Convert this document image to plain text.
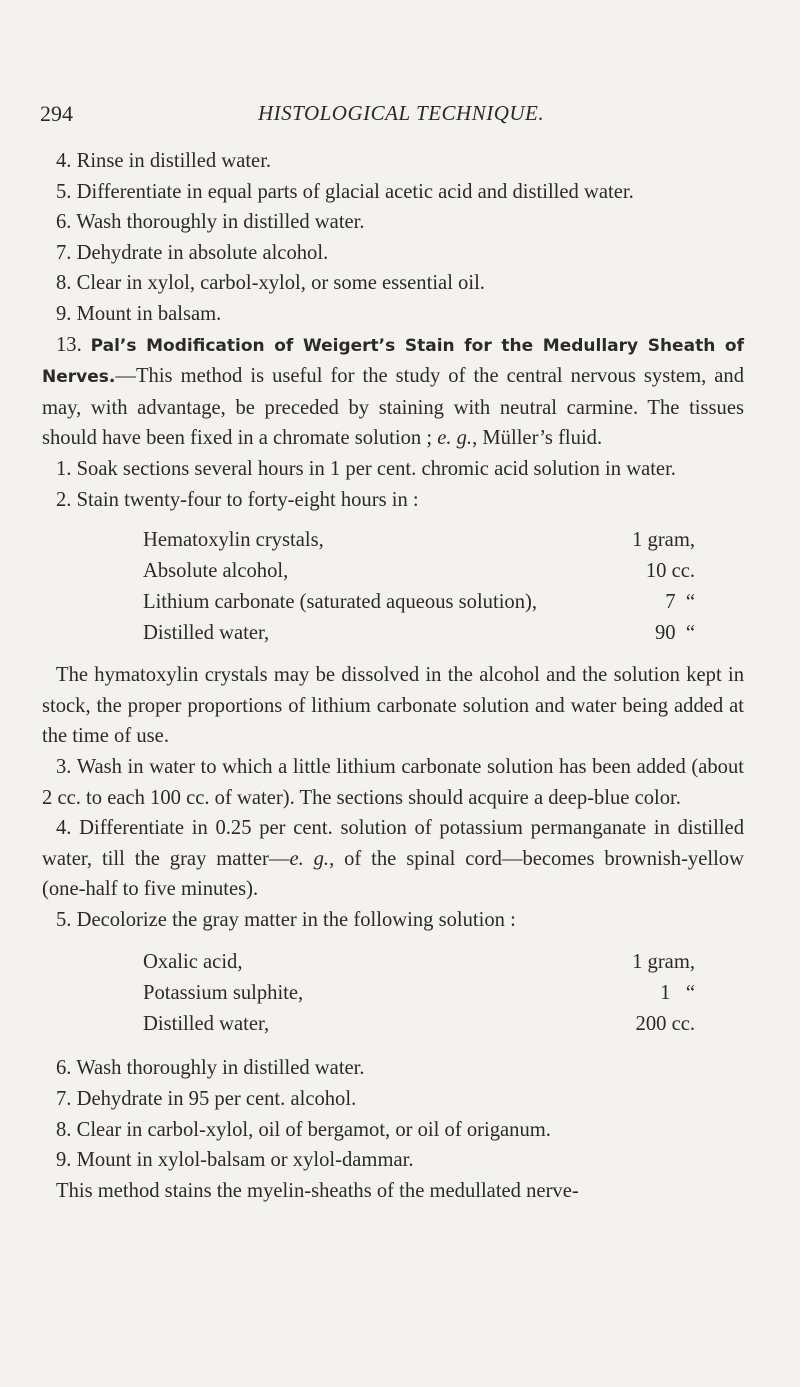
294	HISTOLOGICAL TECHNIQUE.

4. Rinse in distilled water.

5. Differentiate in equal parts of glacial acetic acid and distilled water.

6. Wash thoroughly in distilled water.

7. Dehydrate in absolute alcohol.

8. Clear in xylol, carbol-xylol, or some essential oil.

9. Mount in balsam.

13. Pal’s Modification of Weigert’s Stain for the Medullary Sheath of Nerves.—This method is useful for the study of the central nervous system, and may, with advantage, be preceded by staining with neutral carmine. The tissues should have been fixed in a chromate solution ; e. g., Müller’s fluid.

1. Soak sections several hours in 1 per cent. chromic acid solution in water.

2. Stain twenty-four to forty-eight hours in :

Hematoxylin crystals,	1 gram,
Absolute alcohol,	10 cc.
Lithium carbonate (saturated aqueous solution),	7  “
Distilled water,	90  “

The hymatoxylin crystals may be dissolved in the alcohol and the solution kept in stock, the proper proportions of lithium carbonate solution and water being added at the time of use.

3. Wash in water to which a little lithium carbonate solution has been added (about 2 cc. to each 100 cc. of water). The sections should acquire a deep-blue color.

4. Differentiate in 0.25 per cent. solution of potassium permanganate in distilled water, till the gray matter—e. g., of the spinal cord—becomes brownish-yellow (one-half to five minutes).

5. Decolorize the gray matter in the following solution :

Oxalic acid,	1 gram,
Potassium sulphite,	1   “
Distilled water,	200 cc.

6. Wash thoroughly in distilled water.

7. Dehydrate in 95 per cent. alcohol.

8. Clear in carbol-xylol, oil of bergamot, or oil of origanum.

9. Mount in xylol-balsam or xylol-dammar.

This method stains the myelin-sheaths of the medullated nerve-
